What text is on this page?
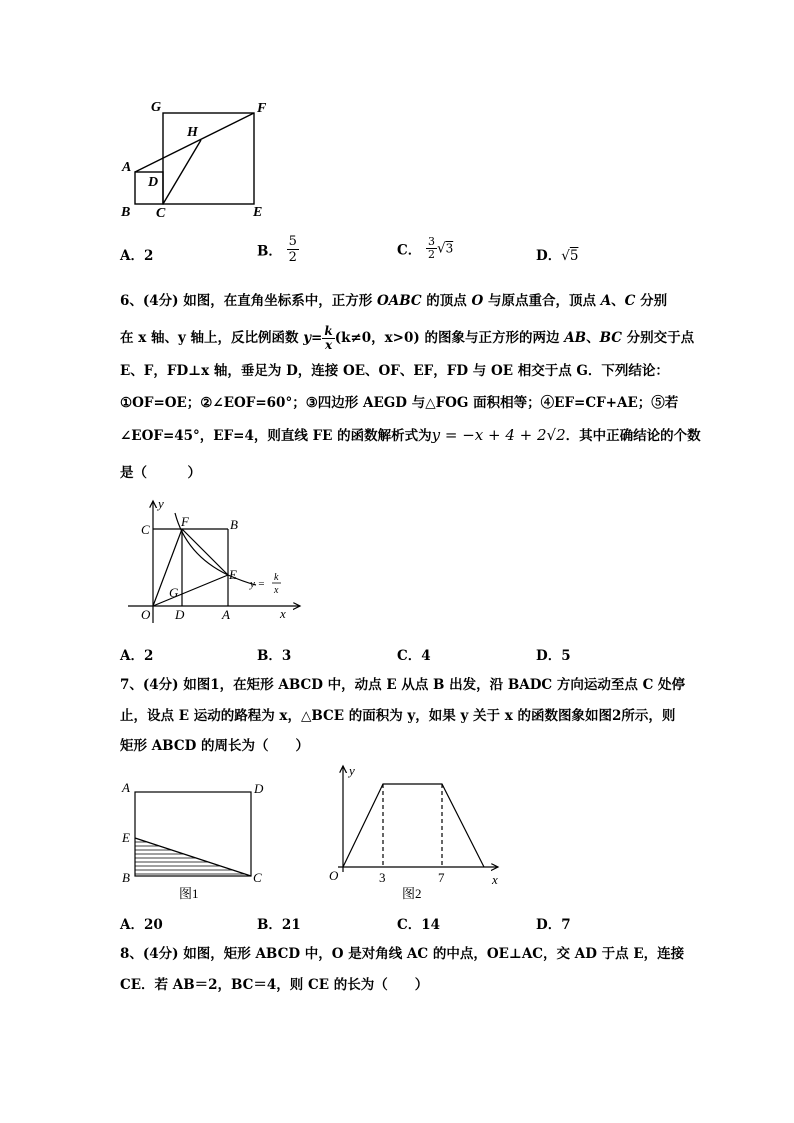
G	F
H
A
D
B C	E
A．2	B． $\frac{5}{2}$	C． $\frac{3}{2} √3$	D．√5
6、(4分) 如图，在直角坐标系中，正方形 OABC 的顶点 O 与原点重合，顶点 A、C 分别
在 x 轴、y 轴上，反比例函数 $y= \frac{k}{x} (k\ne 0$，x>0) 的图象与正方形的两边 AB、BC 分别交于点
E、F，FD⊥x 轴，垂足为 D，连接 OE、OF、EF，FD 与 OE 相交于点 G．下列结论：
①OF=OE；②∠EOF=60°；③四边形 AEGD 与△FOG 面积相等；④EF=CF+AE；⑤若
∠EOF=45°，EF=4，则直线 FE 的函数解析式为y = −x + 4 + 2√2．其中正确结论的个数
是（　　　）
y
C
F	B
E
G
O D	A	x
y =
k
x
A．2	B．3	C．4	D．5
7、(4分) 如图1，在矩形 ABCD 中，动点 E 从点 B 出发，沿 BADC 方向运动至点 C 处停
止，设点 E 运动的路程为 x，△BCE 的面积为 y，如果 y 关于 x 的函数图象如图2所示，则
矩形 ABCD 的周长为（　　）
A	D
E
B	C
图1
y
O	3	7	x
图2
A．20	B．21	C．14	D．7
8、(4分) 如图，矩形 ABCD 中，O 是对角线 AC 的中点，OE⊥AC，交 AD 于点 E，连接
CE．若 AB＝2，BC＝4，则 CE 的长为（　　）
